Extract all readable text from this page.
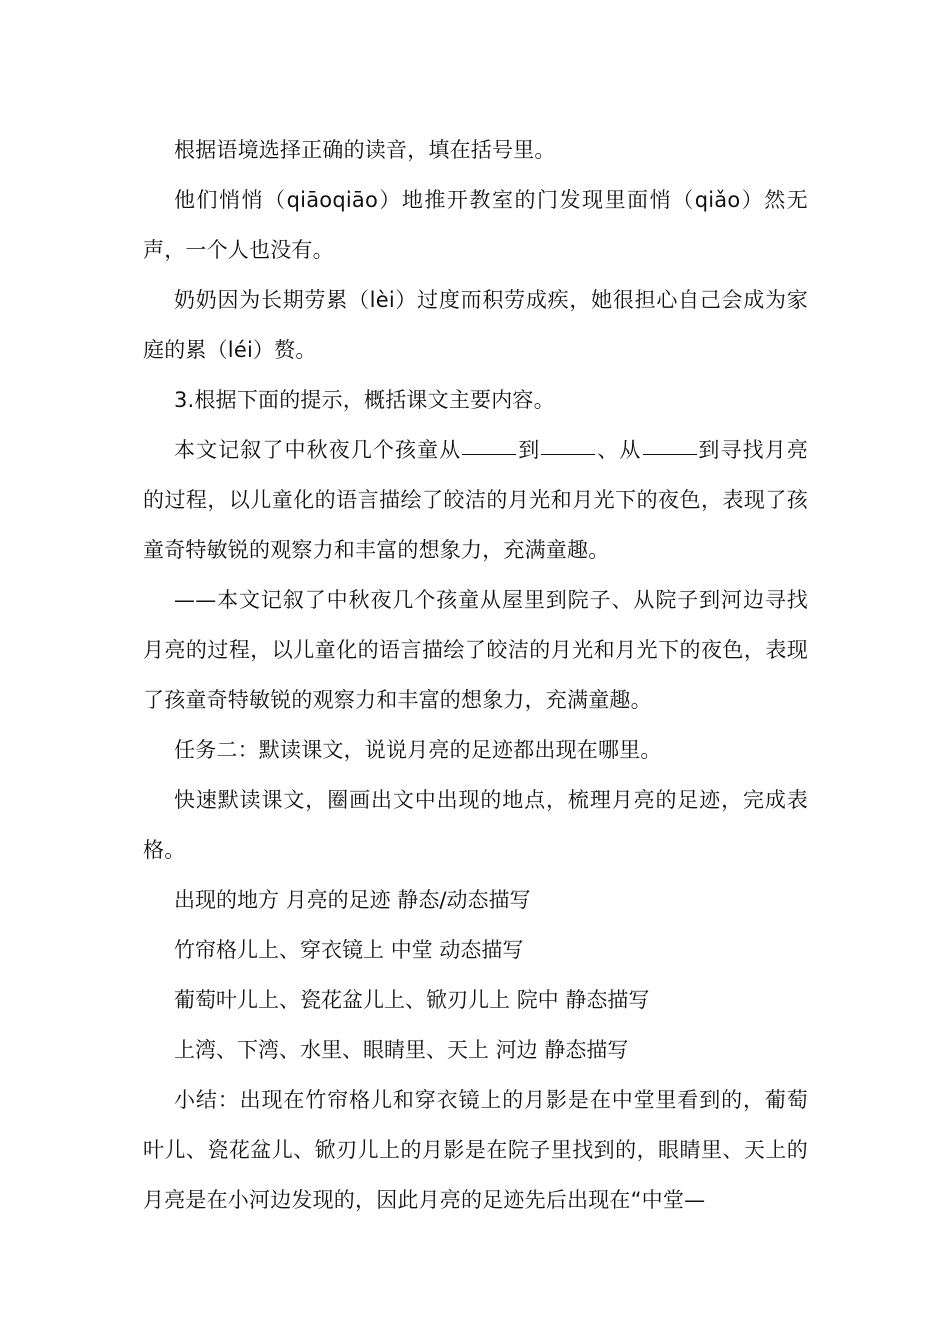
根据语境选择正确的读音，填在括号里。

他们悄悄（qiāoqiāo）地推开教室的门发现里面悄（qiǎo）然无声，一个人也没有。

奶奶因为长期劳累（lèi）过度而积劳成疾，她很担心自己会成为家庭的累（léi）赘。

3.根据下面的提示，概括课文主要内容。

本文记叙了中秋夜几个孩童从	到	、从	到寻找月亮的过程，以儿童化的语言描绘了皎洁的月光和月光下的夜色，表现了孩童奇特敏锐的观察力和丰富的想象力，充满童趣。

——本文记叙了中秋夜几个孩童从屋里到院子、从院子到河边寻找月亮的过程，以儿童化的语言描绘了皎洁的月光和月光下的夜色，表现了孩童奇特敏锐的观察力和丰富的想象力，充满童趣。

任务二：默读课文，说说月亮的足迹都出现在哪里。

快速默读课文，圈画出文中出现的地点，梳理月亮的足迹，完成表格。

出现的地方 月亮的足迹 静态/动态描写

竹帘格儿上、穿衣镜上 中堂 动态描写

葡萄叶儿上、瓷花盆儿上、锨刃儿上 院中 静态描写

上湾、下湾、水里、眼睛里、天上 河边 静态描写

小结：出现在竹帘格儿和穿衣镜上的月影是在中堂里看到的，葡萄叶儿、瓷花盆儿、锨刃儿上的月影是在院子里找到的，眼睛里、天上的月亮是在小河边发现的，因此月亮的足迹先后出现在“中堂—
